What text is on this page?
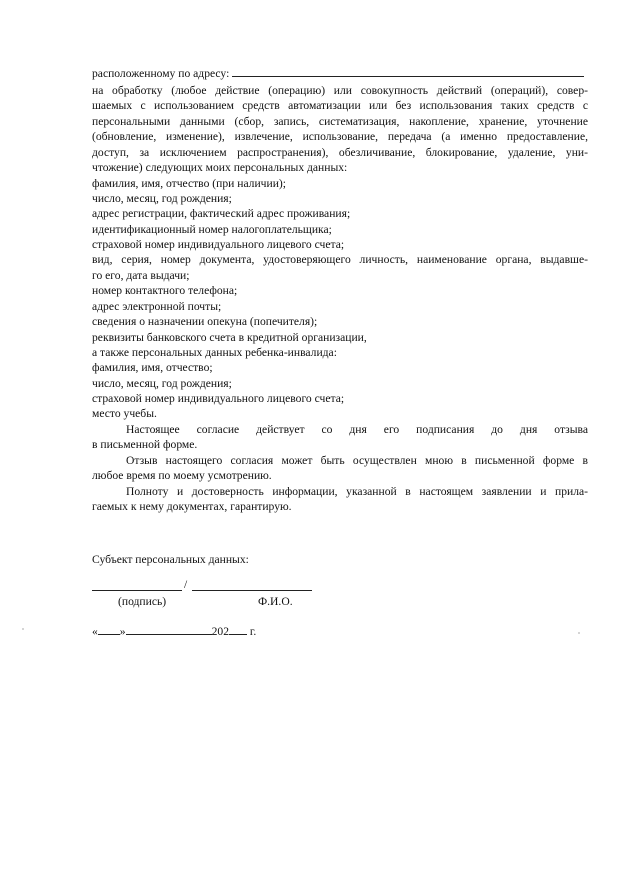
расположенному по адресу:
на обработку (любое действие (операцию) или совокупность действий (операций), совер-
шаемых с использованием средств автоматизации или без использования таких средств с
персональными данными (сбор, запись, систематизация, накопление, хранение, уточнение
(обновление, изменение), извлечение, использование, передача (а именно предоставление,
доступ, за исключением распространения), обезличивание, блокирование, удаление, уни-
чтожение) следующих моих персональных данных:
фамилия, имя, отчество (при наличии);
число, месяц, год рождения;
адрес регистрации, фактический адрес проживания;
идентификационный номер налогоплательщика;
страховой номер индивидуального лицевого счета;
вид, серия, номер документа, удостоверяющего личность, наименование органа, выдавше-
го его, дата выдачи;
номер контактного телефона;
адрес электронной почты;
сведения о назначении опекуна (попечителя);
реквизиты банковского счета в кредитной организации,
а также персональных данных ребенка-инвалида:
фамилия, имя, отчество;
число, месяц, год рождения;
страховой номер индивидуального лицевого счета;
место учебы.
Настоящее согласие действует со дня его подписания до дня отзыва
в письменной форме.
Отзыв настоящего согласия может быть осуществлен мною в письменной форме в
любое время по моему усмотрению.
Полноту и достоверность информации, указанной в настоящем заявлении и прила-
гаемых к нему документах, гарантирую.
Субъект персональных данных:
/
(подпись)	Ф.И.О.
« »	202 г.
